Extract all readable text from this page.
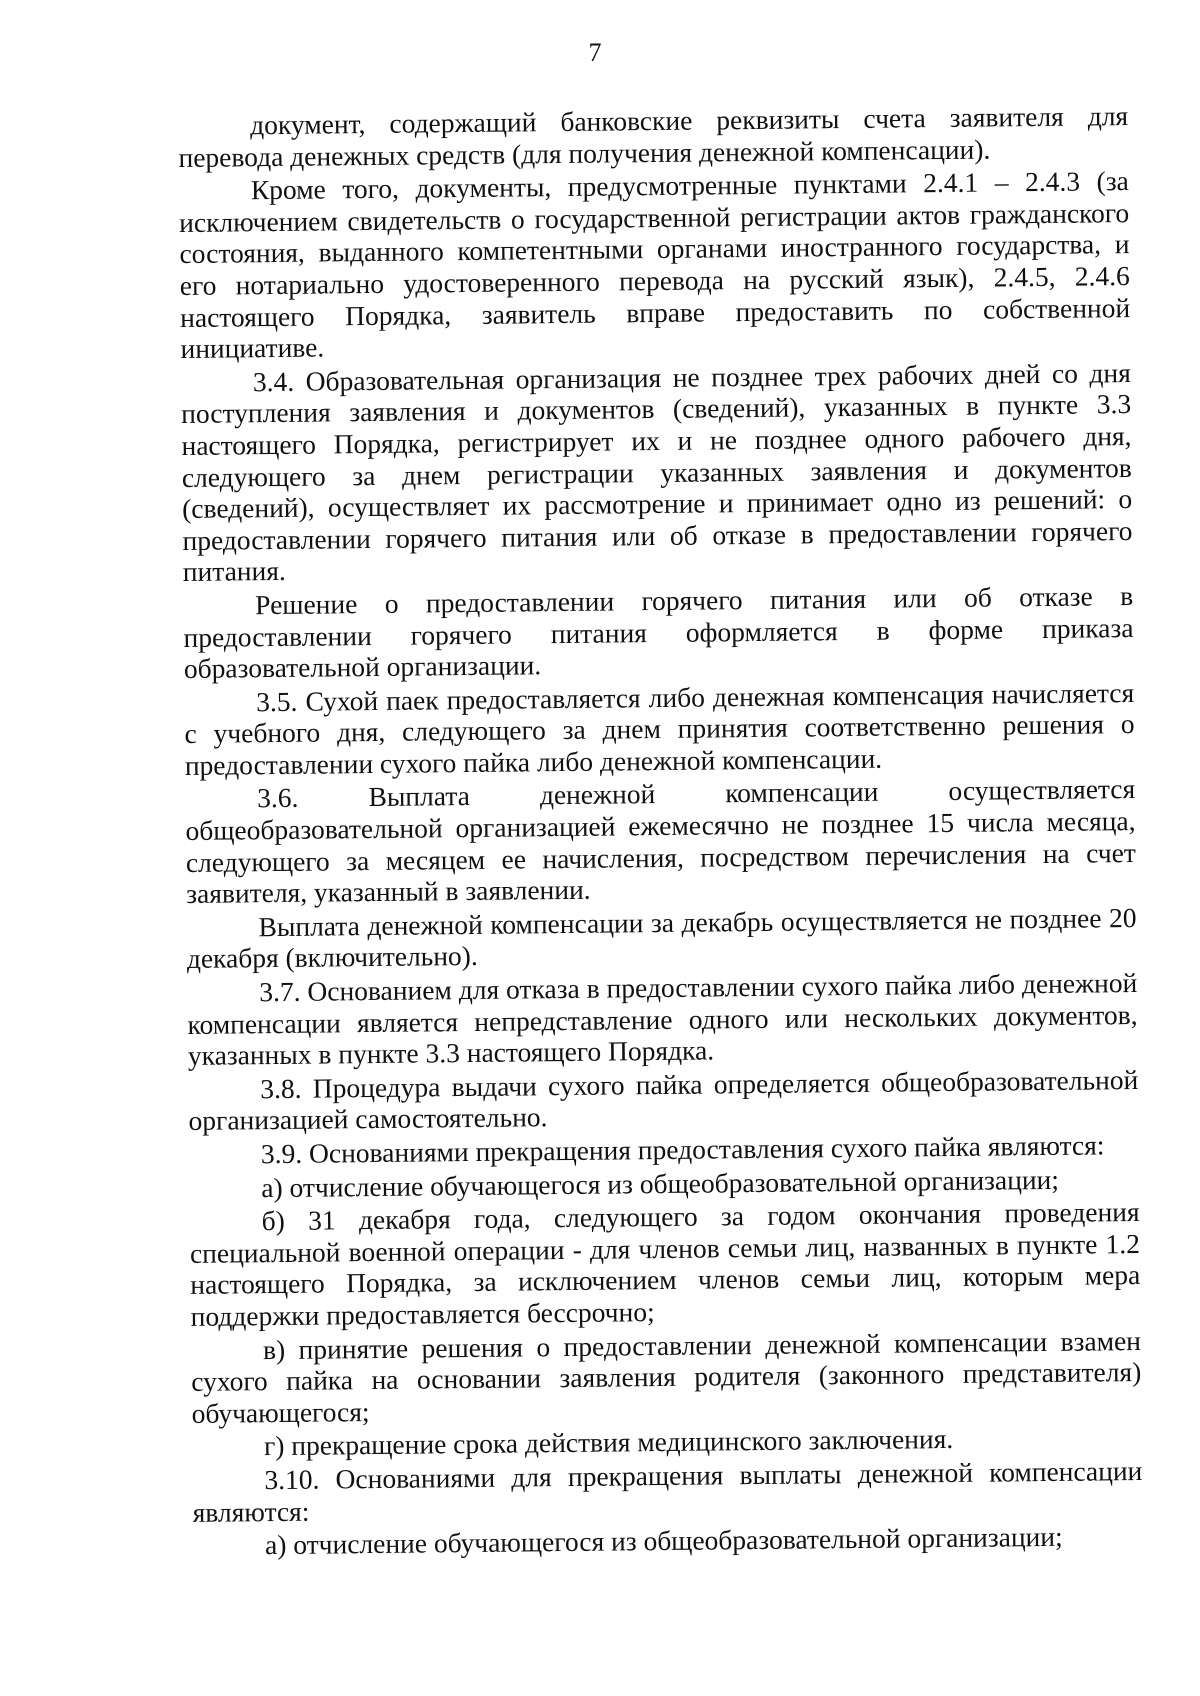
7

документ, содержащий банковские реквизиты счета заявителя для перевода денежных средств (для получения денежной компенсации).

Кроме того, документы, предусмотренные пунктами 2.4.1 – 2.4.3 (за исключением свидетельств о государственной регистрации актов гражданского состояния, выданного компетентными органами иностранного государства, и его нотариально удостоверенного перевода на русский язык), 2.4.5, 2.4.6 настоящего Порядка, заявитель вправе предоставить по собственной инициативе.

3.4. Образовательная организация не позднее трех рабочих дней со дня поступления заявления и документов (сведений), указанных в пункте 3.3 настоящего Порядка, регистрирует их и не позднее одного рабочего дня, следующего за днем регистрации указанных заявления и документов (сведений), осуществляет их рассмотрение и принимает одно из решений: о предоставлении горячего питания или об отказе в предоставлении горячего питания.

Решение о предоставлении горячего питания или об отказе в предоставлении горячего питания оформляется в форме приказа образовательной организации.

3.5. Сухой паек предоставляется либо денежная компенсация начисляется с учебного дня, следующего за днем принятия соответственно решения о предоставлении сухого пайка либо денежной компенсации.

3.6. Выплата денежной компенсации осуществляется общеобразовательной организацией ежемесячно не позднее 15 числа месяца, следующего за месяцем ее начисления, посредством перечисления на счет заявителя, указанный в заявлении.

Выплата денежной компенсации за декабрь осуществляется не позднее 20 декабря (включительно).

3.7. Основанием для отказа в предоставлении сухого пайка либо денежной компенсации является непредставление одного или нескольких документов, указанных в пункте 3.3 настоящего Порядка.

3.8. Процедура выдачи сухого пайка определяется общеобразовательной организацией самостоятельно.

3.9. Основаниями прекращения предоставления сухого пайка являются:

а) отчисление обучающегося из общеобразовательной организации;

б) 31 декабря года, следующего за годом окончания проведения специальной военной операции - для членов семьи лиц, названных в пункте 1.2 настоящего Порядка, за исключением членов семьи лиц, которым мера поддержки предоставляется бессрочно;

в) принятие решения о предоставлении денежной компенсации взамен сухого пайка на основании заявления родителя (законного представителя) обучающегося;

г) прекращение срока действия медицинского заключения.

3.10. Основаниями для прекращения выплаты денежной компенсации являются:

а) отчисление обучающегося из общеобразовательной организации;
